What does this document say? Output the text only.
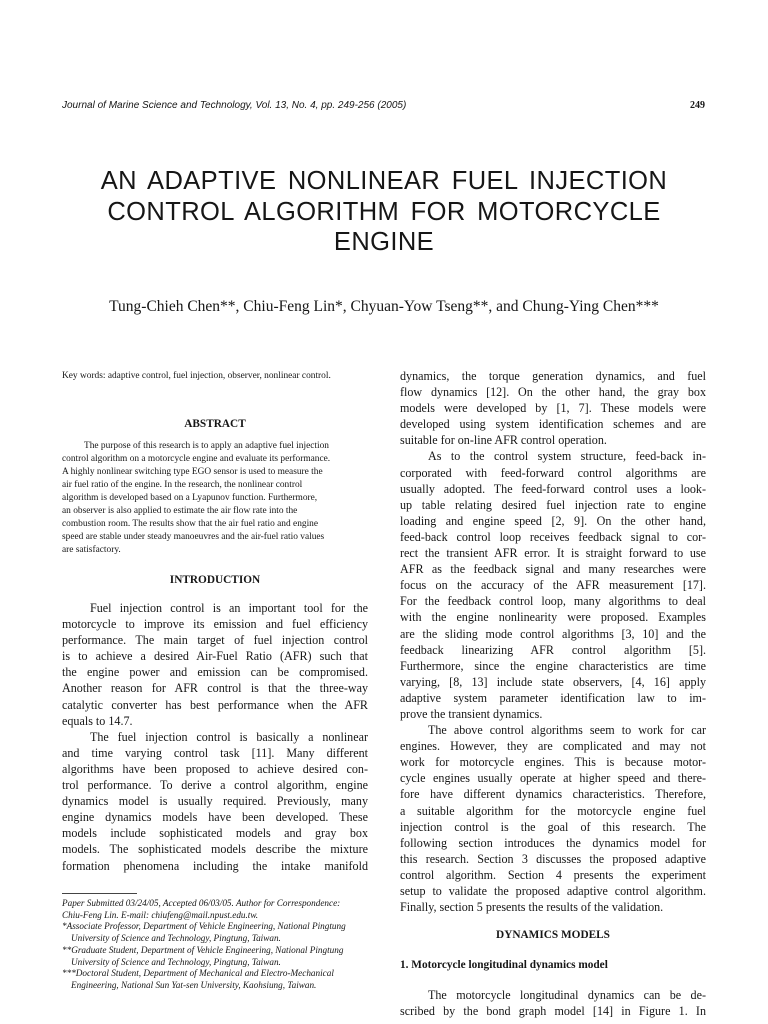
Journal of Marine Science and Technology, Vol. 13, No. 4, pp. 249-256 (2005)	249
AN ADAPTIVE NONLINEAR FUEL INJECTION
CONTROL ALGORITHM FOR MOTORCYCLE
ENGINE
Tung-Chieh Chen**, Chiu-Feng Lin*, Chyuan-Yow Tseng**, and Chung-Ying Chen***

Key words: adaptive control, fuel injection, observer, nonlinear control.

ABSTRACT

The purpose of this research is to apply an adaptive fuel injection
control algorithm on a motorcycle engine and evaluate its performance.
A highly nonlinear switching type EGO sensor is used to measure the
air fuel ratio of the engine. In the research, the nonlinear control
algorithm is developed based on a Lyapunov function. Furthermore,
an observer is also applied to estimate the air flow rate into the
combustion room. The results show that the air fuel ratio and engine
speed are stable under steady manoeuvres and the air-fuel ratio values
are satisfactory.

INTRODUCTION

Fuel injection control is an important tool for the
motorcycle to improve its emission and fuel efficiency
performance. The main target of fuel injection control
is to achieve a desired Air-Fuel Ratio (AFR) such that
the engine power and emission can be compromised.
Another reason for AFR control is that the three-way
catalytic converter has best performance when the AFR
equals to 14.7.
The fuel injection control is basically a nonlinear
and time varying control task [11]. Many different
algorithms have been proposed to achieve desired con-
trol performance. To derive a control algorithm, engine
dynamics model is usually required. Previously, many
engine dynamics models have been developed. These
models include sophisticated models and gray box
models. The sophisticated models describe the mixture
formation phenomena including the intake manifold
dynamics, the torque generation dynamics, and fuel
flow dynamics [12]. On the other hand, the gray box
models were developed by [1, 7]. These models were
developed using system identification schemes and are
suitable for on-line AFR control operation.
As to the control system structure, feed-back in-
corporated with feed-forward control algorithms are
usually adopted. The feed-forward control uses a look-
up table relating desired fuel injection rate to engine
loading and engine speed [2, 9]. On the other hand,
feed-back control loop receives feedback signal to cor-
rect the transient AFR error. It is straight forward to use
AFR as the feedback signal and many researches were
focus on the accuracy of the AFR measurement [17].
For the feedback control loop, many algorithms to deal
with the engine nonlinearity were proposed. Examples
are the sliding mode control algorithms [3, 10] and the
feedback linearizing AFR control algorithm [5].
Furthermore, since the engine characteristics are time
varying, [8, 13] include state observers, [4, 16] apply
adaptive system parameter identification law to im-
prove the transient dynamics.
The above control algorithms seem to work for car
engines. However, they are complicated and may not
work for motorcycle engines. This is because motor-
cycle engines usually operate at higher speed and there-
fore have different dynamics characteristics. Therefore,
a suitable algorithm for the motorcycle engine fuel
injection control is the goal of this research. The
following section introduces the dynamics model for
this research. Section 3 discusses the proposed adaptive
control algorithm. Section 4 presents the experiment
setup to validate the proposed adaptive control algorithm.
Finally, section 5 presents the results of the validation.

DYNAMICS MODELS

1. Motorcycle longitudinal dynamics model

The motorcycle longitudinal dynamics can be de-
scribed by the bond graph model [14] in Figure 1. In
Paper Submitted 03/24/05, Accepted 06/03/05. Author for Correspondence:
Chiu-Feng Lin. E-mail: chiufeng@mail.npust.edu.tw.
*Associate Professor, Department of Vehicle Engineering, National Pingtung
University of Science and Technology, Pingtung, Taiwan.
**Graduate Student, Department of Vehicle Engineering, National Pingtung
University of Science and Technology, Pingtung, Taiwan.
***Doctoral Student, Department of Mechanical and Electro-Mechanical
Engineering, National Sun Yat-sen University, Kaohsiung, Taiwan.
